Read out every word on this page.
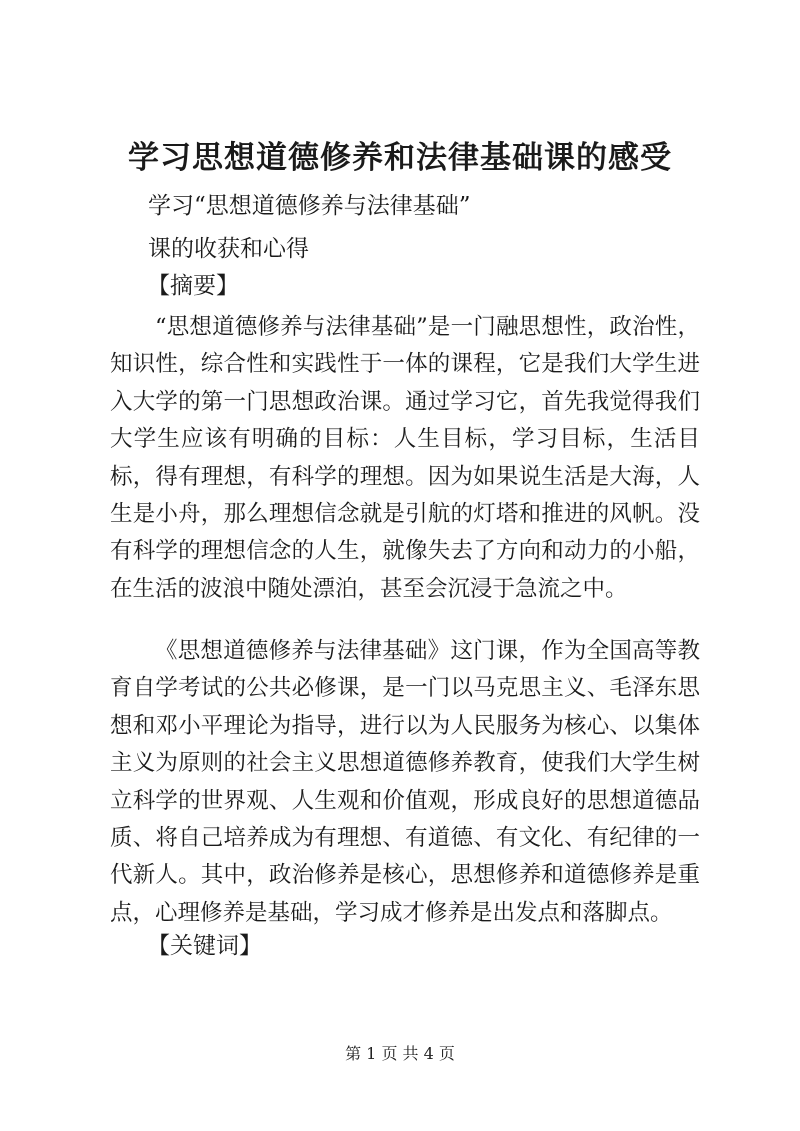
学习思想道德修养和法律基础课的感受

学习“思想道德修养与法律基础”

课的收获和心得

【摘要】

“思想道德修养与法律基础”是一门融思想性，政治性，知识性，综合性和实践性于一体的课程，它是我们大学生进入大学的第一门思想政治课。通过学习它，首先我觉得我们大学生应该有明确的目标：人生目标，学习目标，生活目标，得有理想，有科学的理想。因为如果说生活是大海，人生是小舟，那么理想信念就是引航的灯塔和推进的风帆。没有科学的理想信念的人生，就像失去了方向和动力的小船，在生活的波浪中随处漂泊，甚至会沉浸于急流之中。

《思想道德修养与法律基础》这门课，作为全国高等教育自学考试的公共必修课，是一门以马克思主义、毛泽东思想和邓小平理论为指导，进行以为人民服务为核心、以集体主义为原则的社会主义思想道德修养教育，使我们大学生树立科学的世界观、人生观和价值观，形成良好的思想道德品质、将自己培养成为有理想、有道德、有文化、有纪律的一代新人。其中，政治修养是核心，思想修养和道德修养是重点，心理修养是基础，学习成才修养是出发点和落脚点。

【关键词】

第 1 页 共 4 页
